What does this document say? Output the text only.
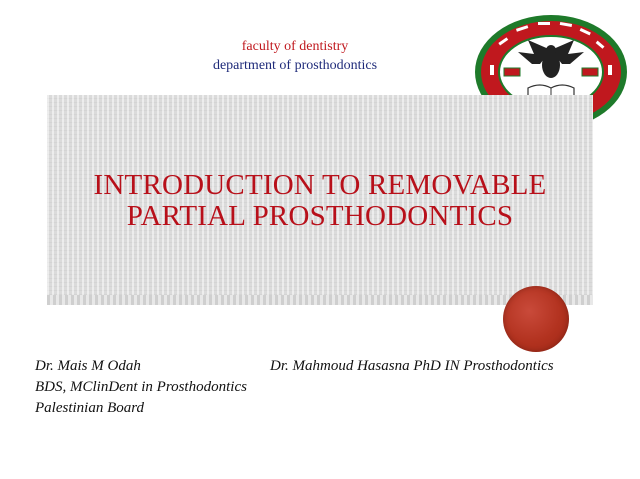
faculty of dentistry
department of prosthodontics
INTRODUCTION TO REMOVABLE
PARTIAL PROSTHODONTICS
Dr. Mais M Odah
BDS, MClinDent in Prosthodontics
Palestinian Board
Dr. Mahmoud Hasasna PhD IN Prosthodontics
